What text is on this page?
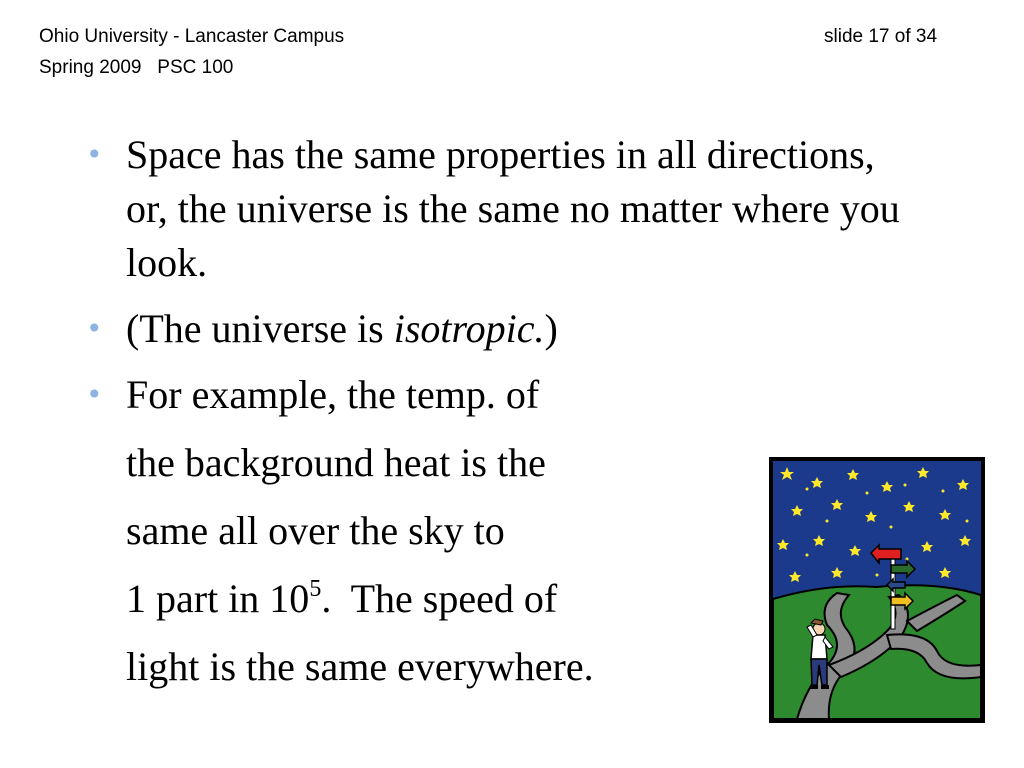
Ohio University - Lancaster Campus	slide 17 of 34
Spring 2009   PSC 100
• Space has the same properties in all directions, or, the universe is the same no matter where you look.
• (The universe is isotropic.)
• For example, the temp. of
the background heat is the
same all over the sky to
1 part in $10^5$.  The speed of
light is the same everywhere.
